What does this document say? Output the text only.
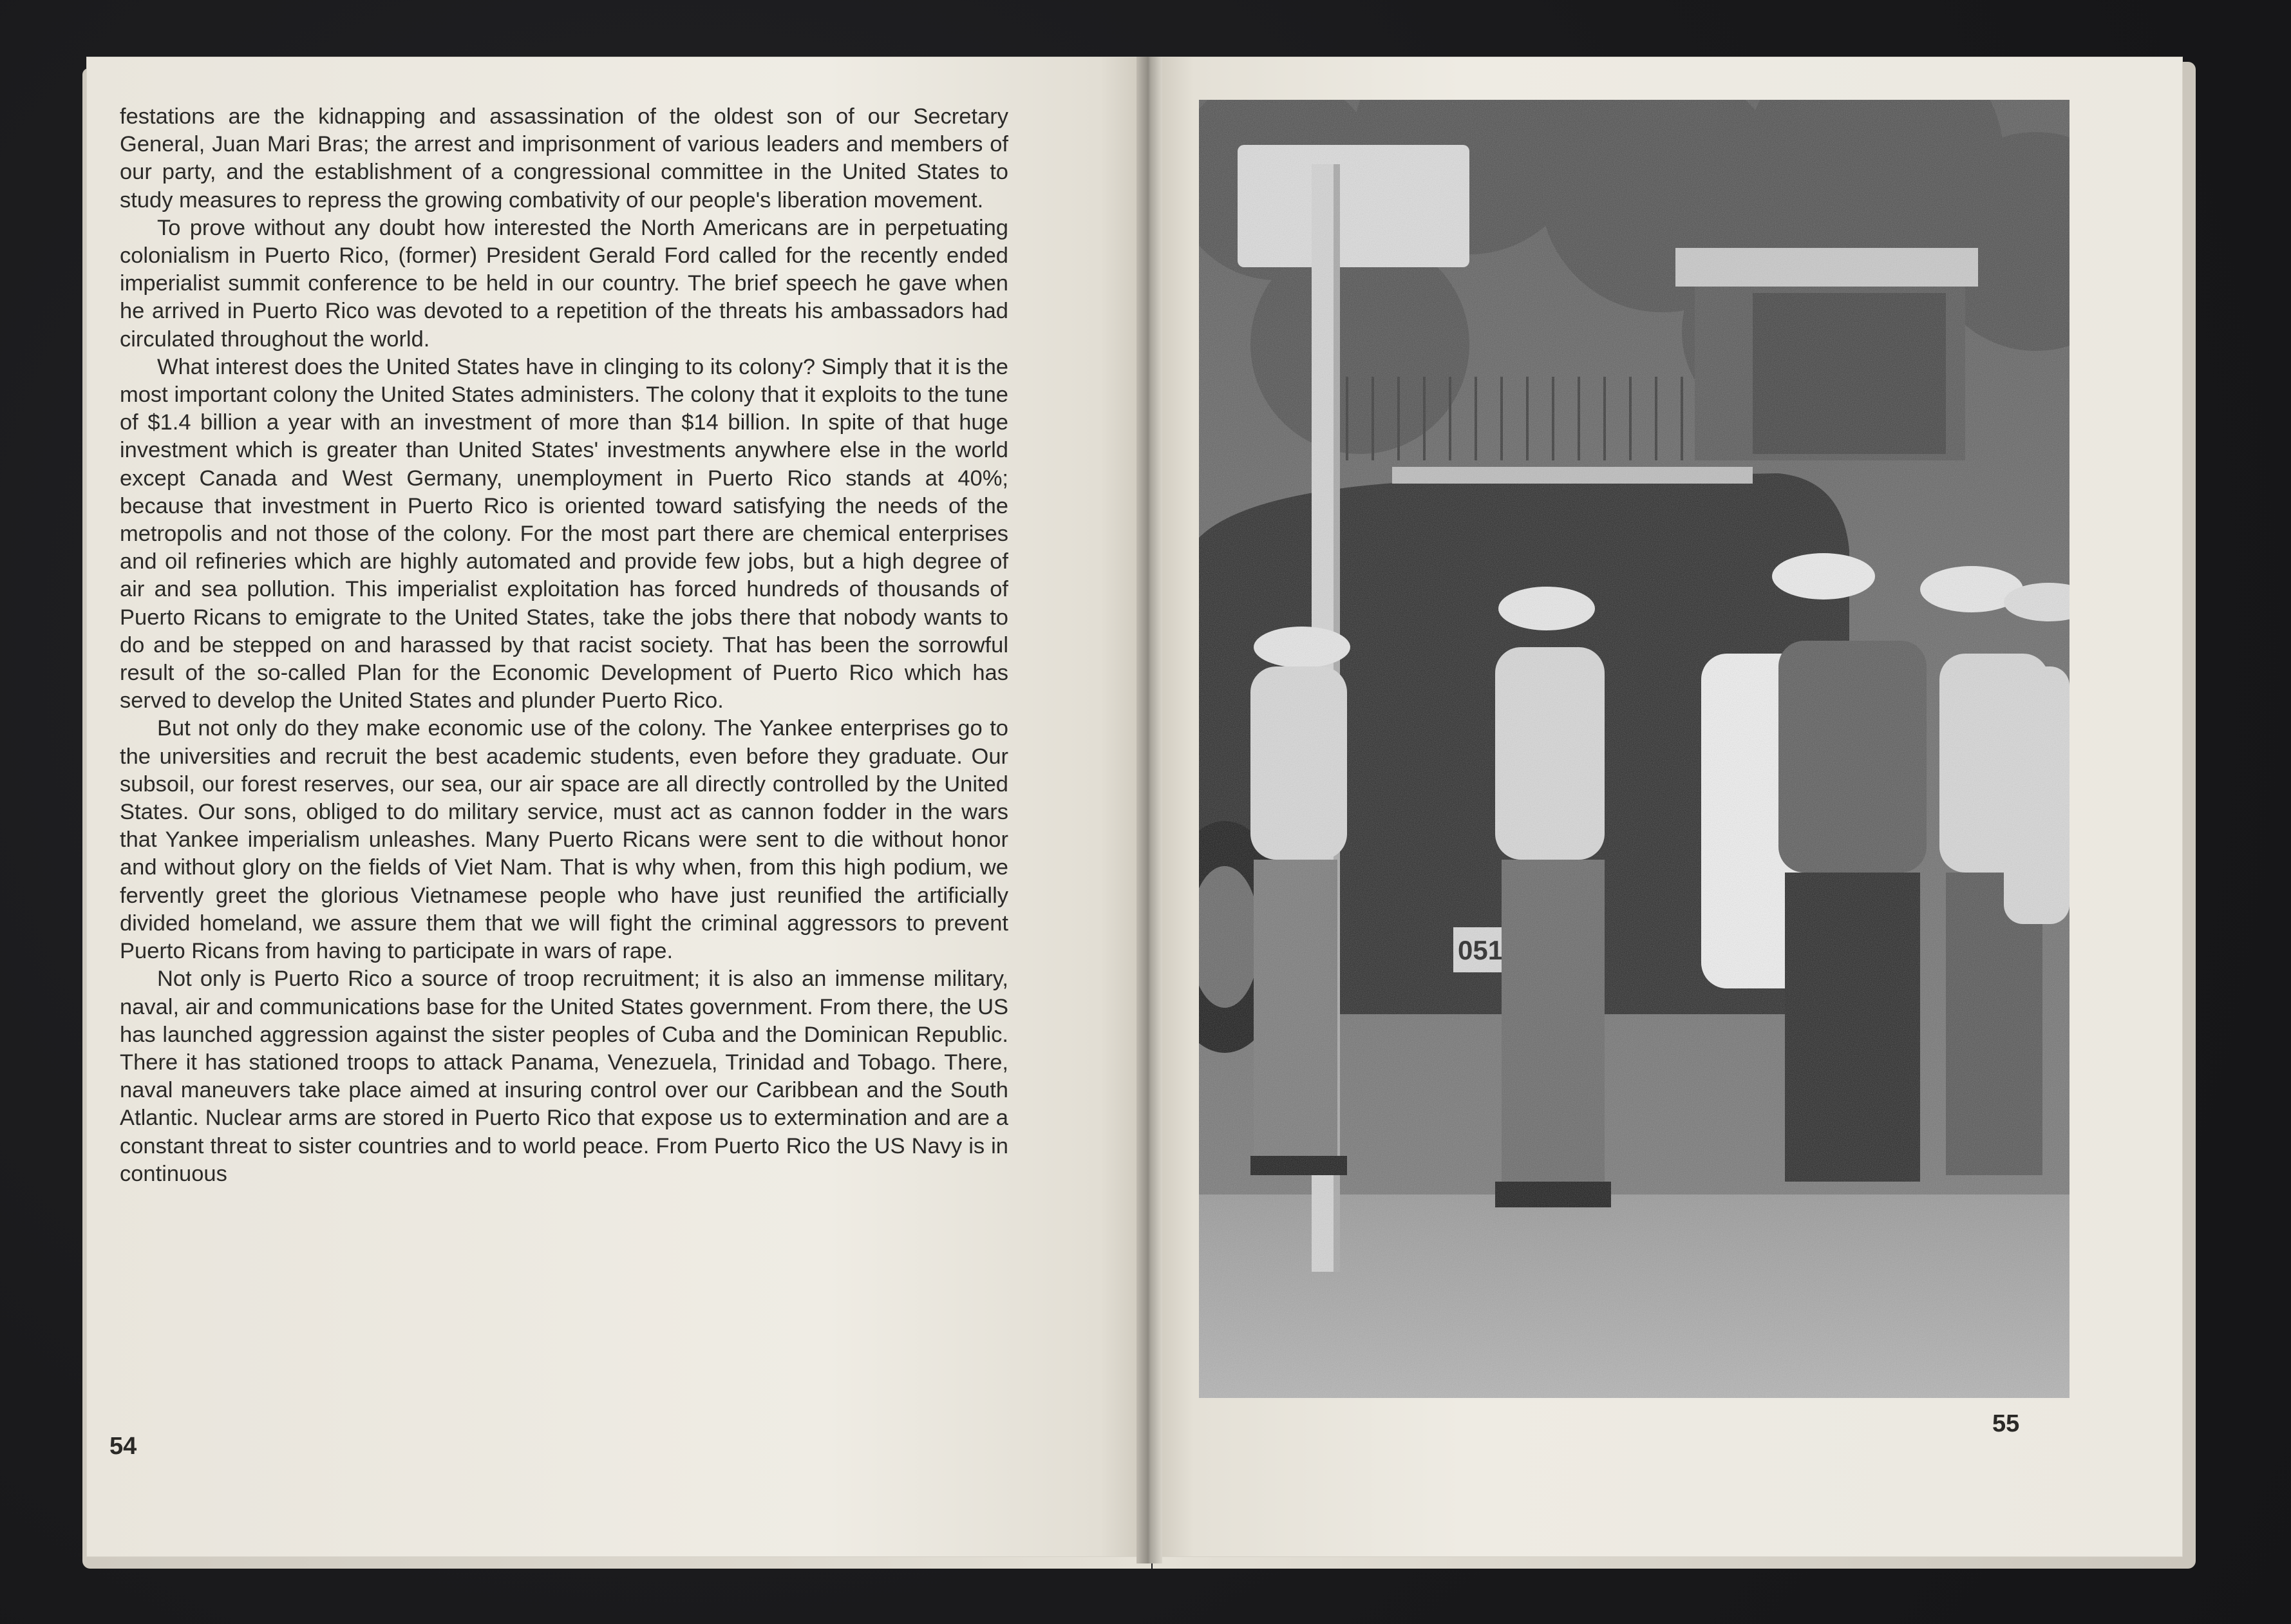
festations are the kidnapping and assassination of the oldest son of our Secretary General, Juan Mari Bras; the arrest and imprisonment of various leaders and members of our party, and the establishment of a congressional committee in the United States to study measures to repress the growing combativity of our people's liberation movement.

To prove without any doubt how interested the North Americans are in perpetuating colonialism in Puerto Rico, (former) President Gerald Ford called for the recently ended imperialist summit conference to be held in our country. The brief speech he gave when he arrived in Puerto Rico was devoted to a repetition of the threats his ambassadors had circulated throughout the world.

What interest does the United States have in clinging to its colony? Simply that it is the most important colony the United States administers. The colony that it exploits to the tune of $1.4 billion a year with an investment of more than $14 billion. In spite of that huge investment which is greater than United States' investments anywhere else in the world except Canada and West Germany, unemployment in Puerto Rico stands at 40%; because that investment in Puerto Rico is oriented toward satisfying the needs of the metropolis and not those of the colony. For the most part there are chemical enterprises and oil refineries which are highly automated and provide few jobs, but a high degree of air and sea pollution. This imperialist exploitation has forced hundreds of thousands of Puerto Ricans to emigrate to the United States, take the jobs there that nobody wants to do and be stepped on and harassed by that racist society. That has been the sorrowful result of the so-called Plan for the Economic Development of Puerto Rico which has served to develop the United States and plunder Puerto Rico.

But not only do they make economic use of the colony. The Yankee enterprises go to the universities and recruit the best academic students, even before they graduate. Our subsoil, our forest reserves, our sea, our air space are all directly controlled by the United States. Our sons, obliged to do military service, must act as cannon fodder in the wars that Yankee imperialism unleashes. Many Puerto Ricans were sent to die without honor and without glory on the fields of Viet Nam. That is why when, from this high podium, we fervently greet the glorious Vietnamese people who have just reunified the artificially divided homeland, we assure them that we will fight the criminal aggressors to prevent Puerto Ricans from having to participate in wars of rape.

Not only is Puerto Rico a source of troop recruitment; it is also an immense military, naval, air and communications base for the United States government. From there, the US has launched aggression against the sister peoples of Cuba and the Dominican Republic. There it has stationed troops to attack Panama, Venezuela, Trinidad and Tobago. There, naval maneuvers take place aimed at insuring control over our Caribbean and the South Atlantic. Nuclear arms are stored in Puerto Rico that expose us to extermination and are a constant threat to sister countries and to world peace. From Puerto Rico the US Navy is in continuous

54
55
